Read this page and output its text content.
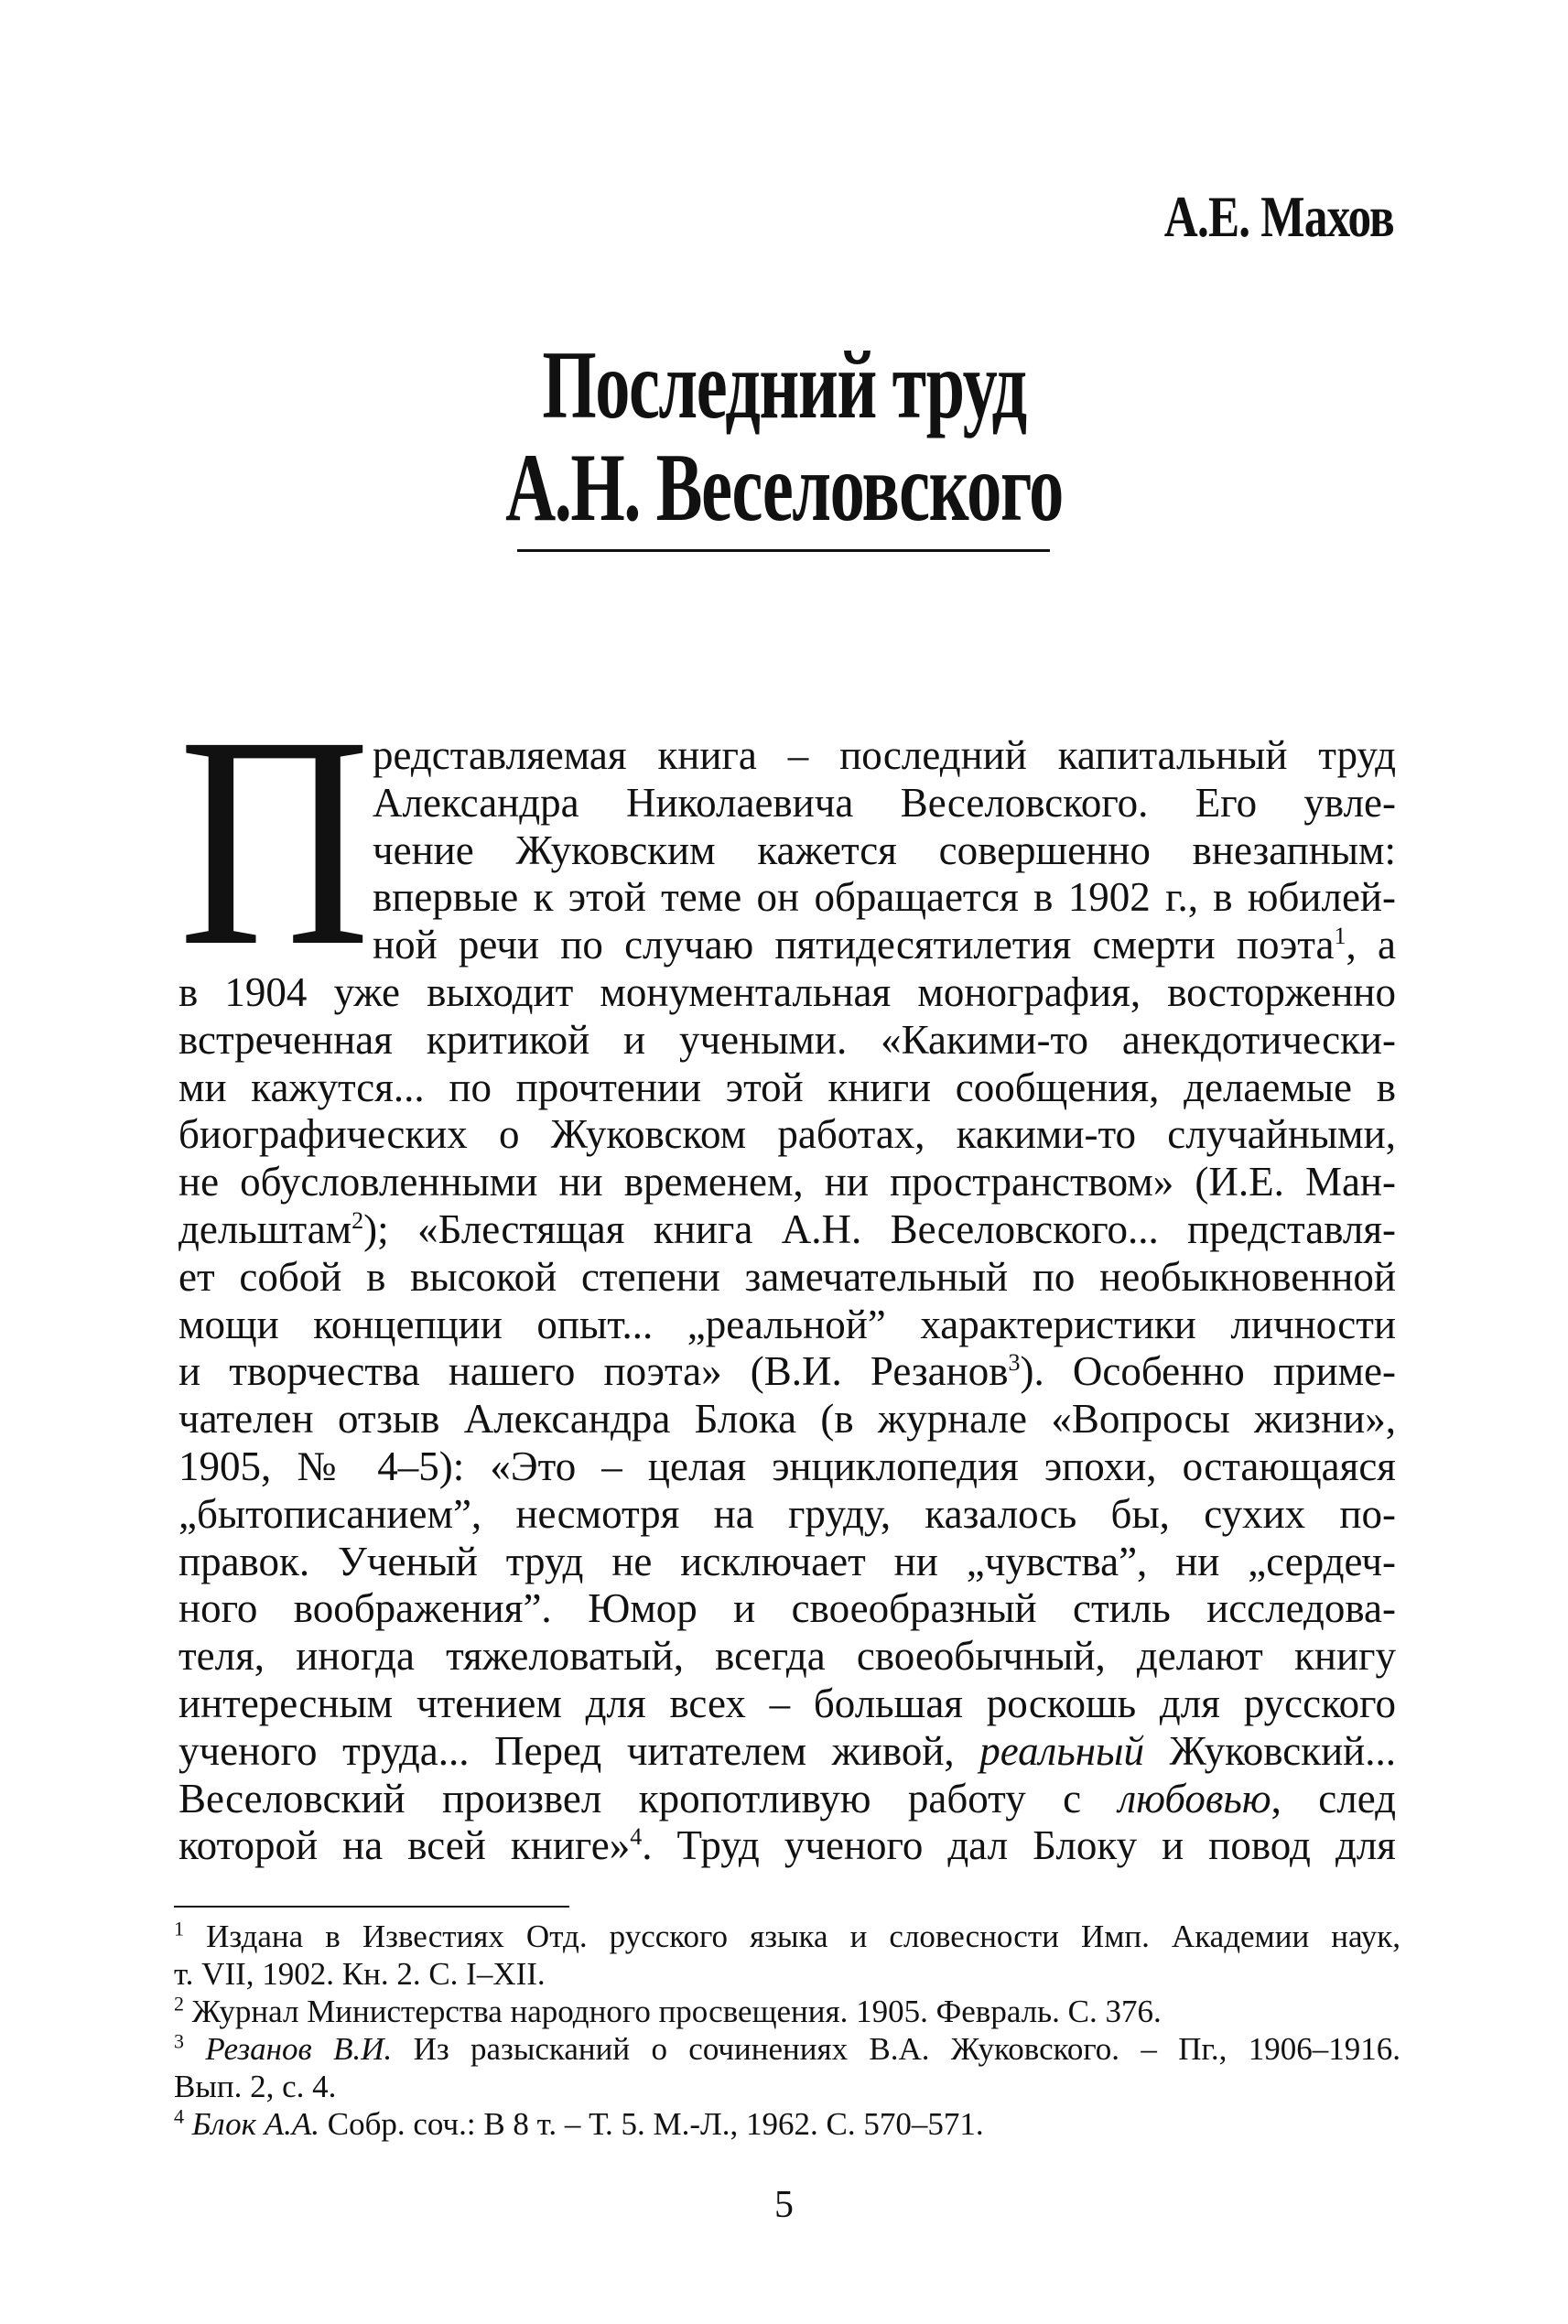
А.Е. Махов
Последний труд
А.Н. Веселовского
П редставляемая книга – последний капитальный труд
Александра Николаевича Веселовского. Его увле-
чение Жуковским кажется совершенно внезапным:
впервые к этой теме он обращается в 1902 г., в юбилей-
ной речи по случаю пятидесятилетия смерти поэта$^1$, а
в 1904 уже выходит монументальная монография, восторженно
встреченная критикой и учеными. «Какими-то анекдотически-
ми кажутся... по прочтении этой книги сообщения, делаемые в
биографических о Жуковском работах, какими-то случайными,
не обусловленными ни временем, ни пространством» (И.Е. Ман-
дельштам$^2$); «Блестящая книга А.Н. Веселовского... представля-
ет собой в высокой степени замечательный по необыкновенной
мощи концепции опыт... „реальной” характеристики личности
и творчества нашего поэта» (В.И. Резанов$^3$). Особенно приме-
чателен отзыв Александра Блока (в журнале «Вопросы жизни»,
1905, № 4–5): «Это – целая энциклопедия эпохи, остающаяся
„бытописанием”, несмотря на груду, казалось бы, сухих по-
правок. Ученый труд не исключает ни „чувства”, ни „сердеч-
ного воображения”. Юмор и своеобразный стиль исследова-
теля, иногда тяжеловатый, всегда своеобычный, делают книгу
интересным чтением для всех – большая роскошь для русского
ученого труда... Перед читателем живой, реальный Жуковский...
Веселовский произвел кропотливую работу с любовью, след
которой на всей книге»$^4$. Труд ученого дал Блоку и повод для
$^1$ Издана в Известиях Отд. русского языка и словесности Имп. Академии наук,
т. VII, 1902. Кн. 2. С. I–XII.
$^2$ Журнал Министерства народного просвещения. 1905. Февраль. С. 376.
$^3$ Резанов В.И. Из разысканий о сочинениях В.А. Жуковского. – Пг., 1906–1916.
Вып. 2, с. 4.
$^4$ Блок А.А. Собр. соч.: В 8 т. – Т. 5. М.-Л., 1962. С. 570–571.
5
